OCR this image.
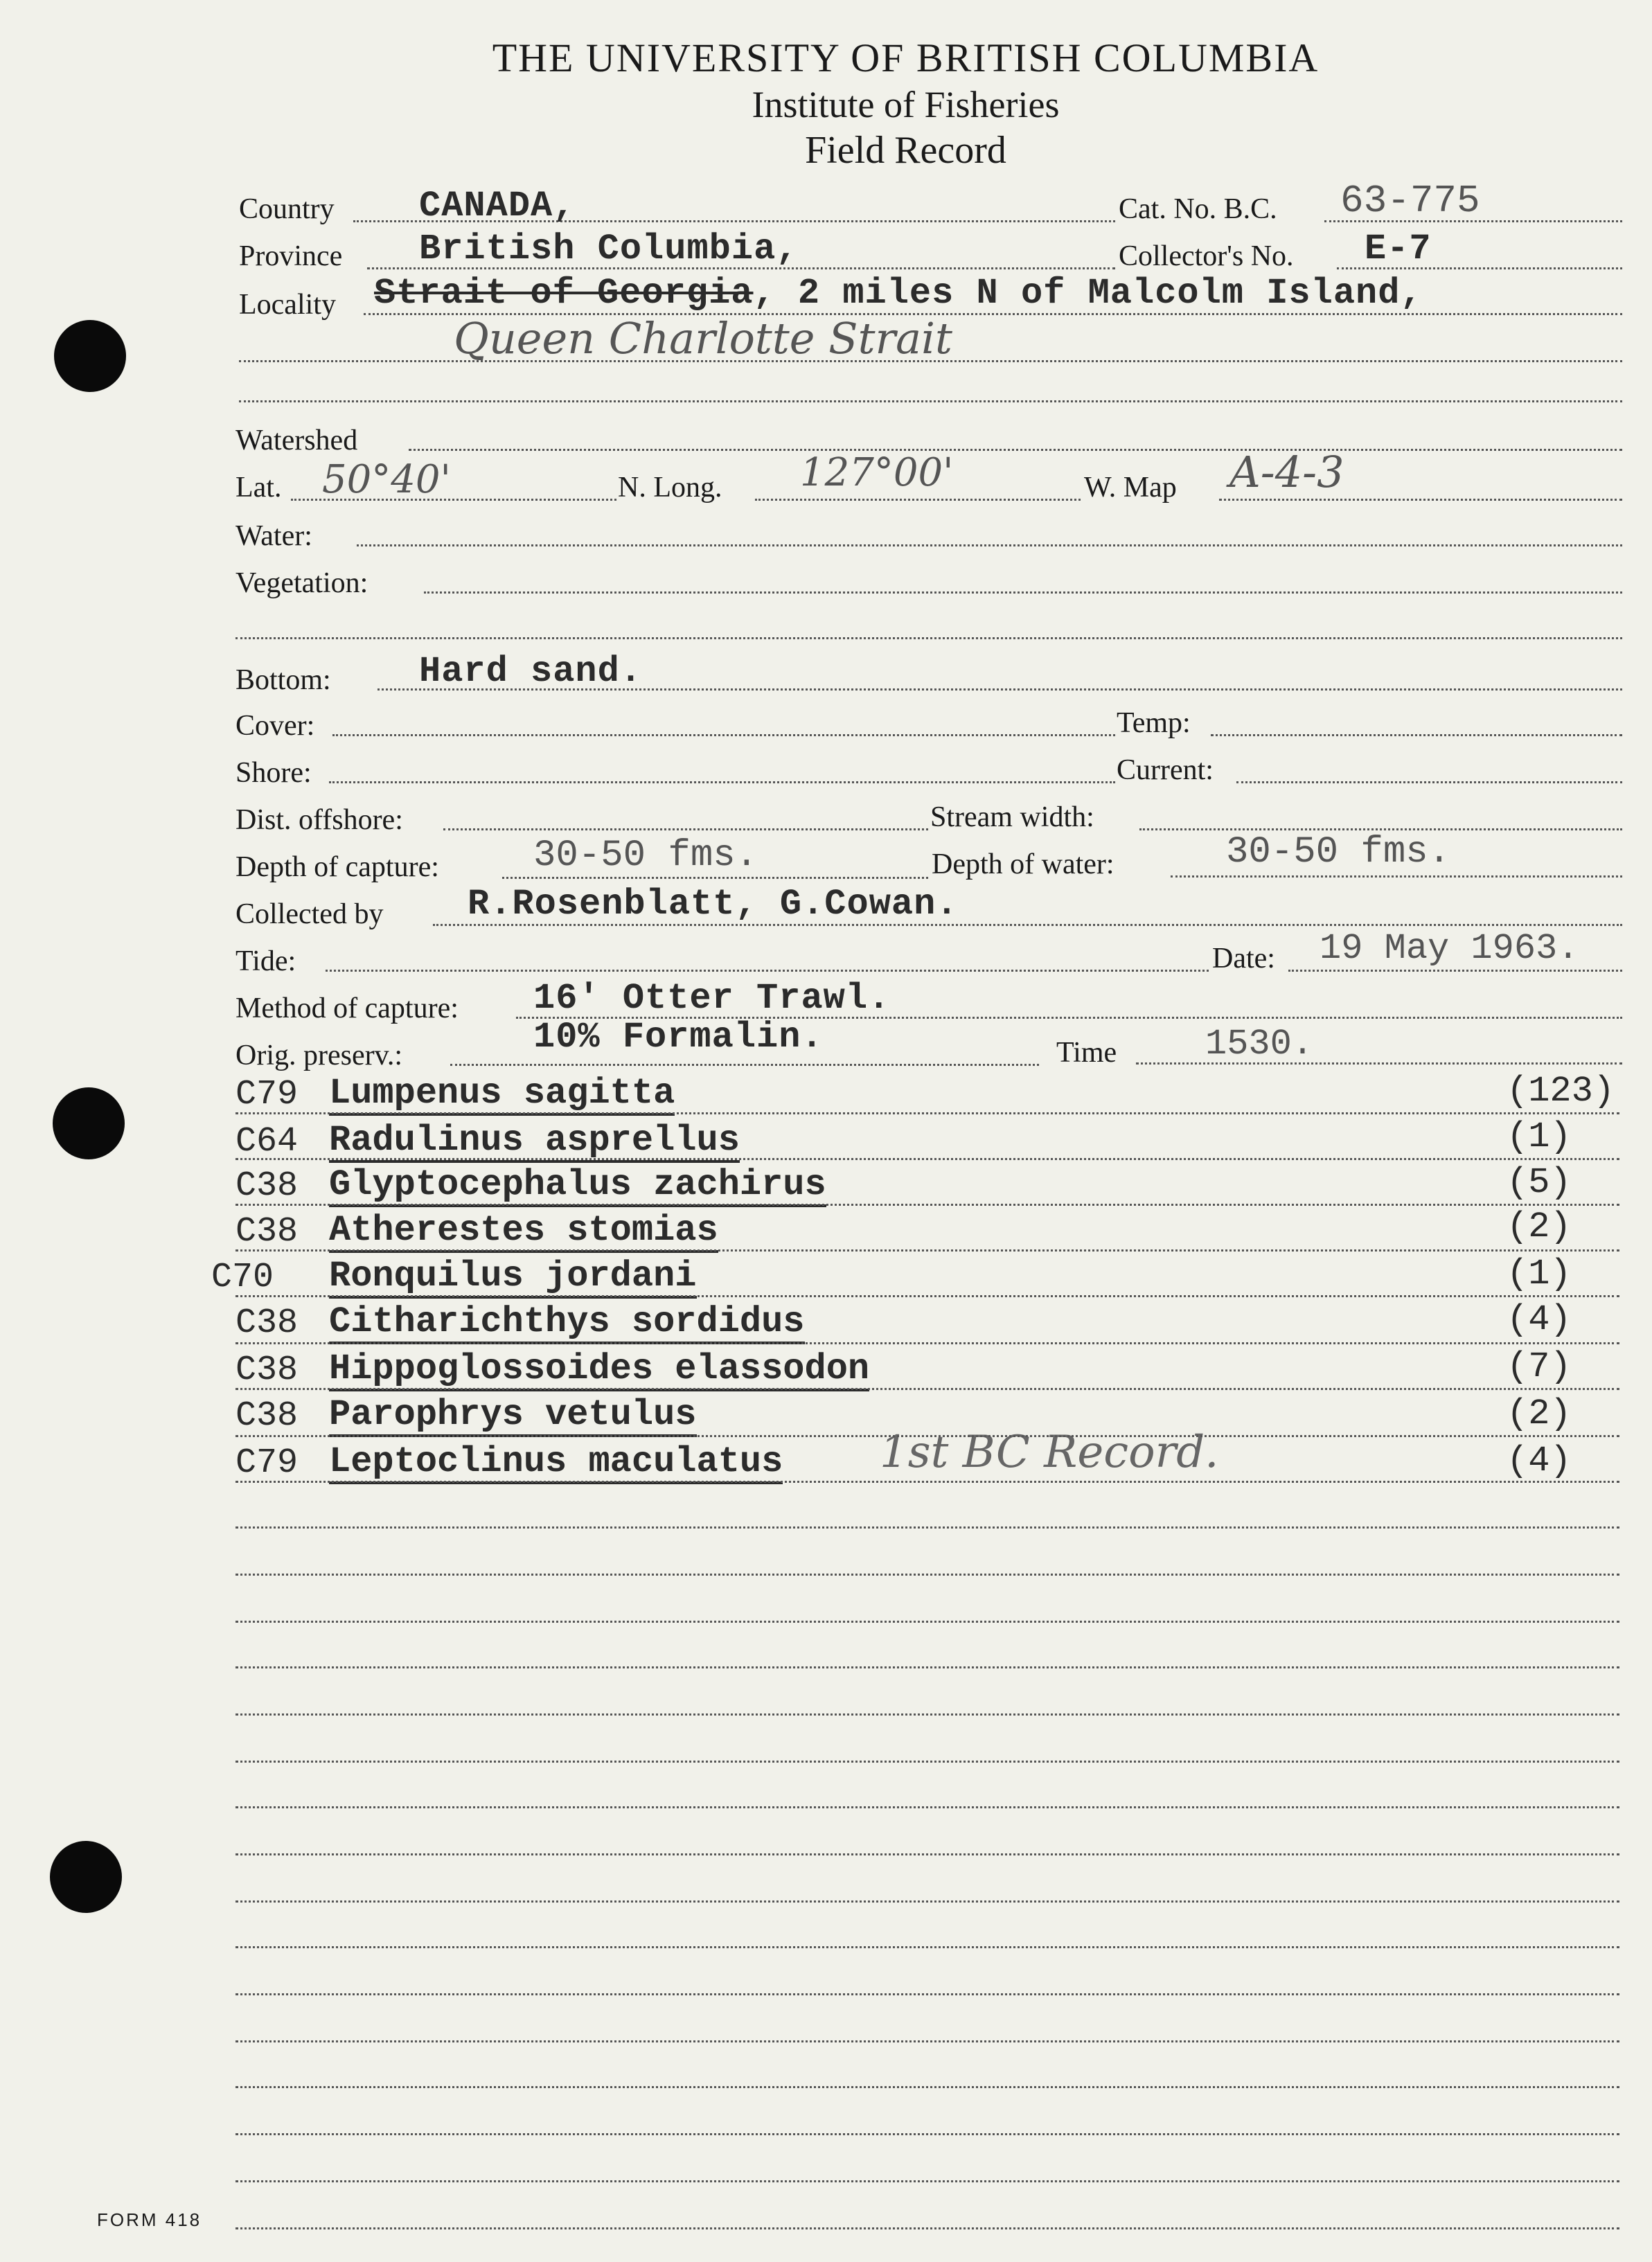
THE UNIVERSITY OF BRITISH COLUMBIA
Institute of Fisheries
Field Record
Country CANADA,	Cat. No. B.C. 63-775
Province British Columbia,	Collector's No. E-7
Locality Strait of Georgia, 2 miles N of Malcolm Island,
Queen Charlotte Strait
Watershed
Lat. 50°40'	N. Long. 127°00'	W. Map A-4-3
Water:
Vegetation:
Bottom: Hard sand.
Cover:	Temp:
Shore:	Current:
Dist. offshore:	Stream width:
Depth of capture:	30-50 fms.	Depth of water:	30-50 fms.
Collected by R.Rosenblatt, G.Cowan.
Tide:	Date: 19 May 1963.
Method of capture: 16' Otter Trawl.
Orig. preserv.:	10% Formalin.	Time 1530.
C79 Lumpenus sagitta	(123)
C64 Radulinus asprellus	(1)
C38 Glyptocephalus zachirus	(5)
C38 Atherestes stomias	(2)
C70 Ronquilus jordani	(1)
C38 Citharichthys sordidus	(4)
C38 Hippoglossoides elassodon	(7)
C38 Parophrys vetulus	(2)
C79 Leptoclinus maculatus	(4)
1st BC Record.
FORM 418
